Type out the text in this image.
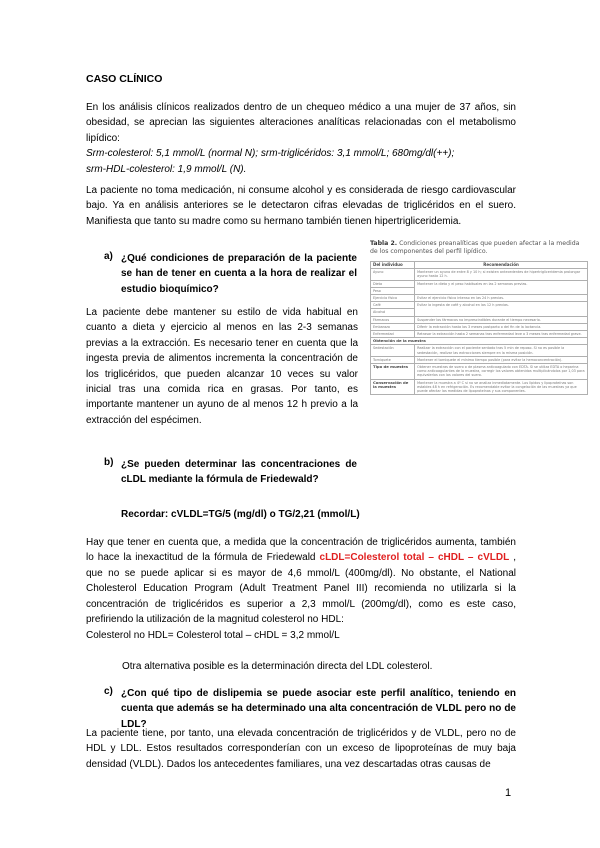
CASO CLÍNICO

En los análisis clínicos realizados dentro de un chequeo médico a una mujer de 37 años, sin obesidad, se aprecian las siguientes alteraciones analíticas relacionadas con el metabolismo lipídico:
Srm-colesterol: 5,1 mmol/L (normal N); srm-triglicéridos: 3,1 mmol/L; 680mg/dl(++);
srm-HDL-colesterol: 1,9 mmol/L (N).

La paciente no toma medicación, ni consume alcohol y es considerada de riesgo cardiovascular bajo. Ya en análisis anteriores se le detectaron cifras elevadas de triglicéridos en el suero. Manifiesta que tanto su madre como su hermano también tienen hipertrigliceridemia.

a) ¿Qué condiciones de preparación de la paciente se han de tener en cuenta a la hora de realizar el estudio bioquímico?

La paciente debe mantener su estilo de vida habitual en cuanto a dieta y ejercicio al menos en las 2-3 semanas previas a la extracción. Es necesario tener en cuenta que la ingesta previa de alimentos incrementa la concentración de los triglicéridos, que pueden alcanzar 10 veces su valor inicial tras una comida rica en grasas. Por tanto, es importante mantener un ayuno de al menos 12 h previo a la extracción del espécimen.

Tabla 2. Condiciones preanalíticas que pueden afectar a la medida de los componentes del perfil lipídico.

Del individuo	Recomendación
Ayuno	Mantener un ayuno de entre 8 y 10 h; si existen antecedentes de hipertrigliceridemia prolongar ayuno hasta 12 h.
Dieta	Mantener la dieta y el peso habituales en las 2 semanas previas.
Peso	
Ejercicio físico	Evitar el ejercicio físico intenso en las 24 h previas.
Café	Evitar la ingesta de café y alcohol en las 12 h previas.
Alcohol	
Fármacos	Suspender los fármacos no imprescindibles durante el tiempo necesario.
Embarazo	Diferir la extracción hasta los 3 meses postparto o del fin de la lactancia.
Enfermedad	Retrasar la extracción hasta 2 semanas tras enfermedad leve o 3 meses tras enfermedad grave.
Obtención de la muestra	
Sedestación	Realizar la extracción con el paciente sentado tras 5 min de reposo. Si no es posible la sedestación, realizar las extracciones siempre en la misma posición.
Torniquete	Mantener el torniquete el mínimo tiempo posible (para evitar la hemoconcentración).
Tipo de muestra	Obtener muestras de suero o de plasma anticoagulado con EDTA. Si se utiliza EDTA o heparina como anticoagulantes de la muestra, corregir los valores obtenidos multiplicándolos por 1,03 para equivalerlos con los valores del suero.
Conservación de la muestra	Mantener la muestra a 4º C si no se analiza inmediatamente. Los lípidos y lipoproteínas son estables 48 h en refrigeración. Es recomendable evitar la congelación de las muestras ya que puede afectar las medidas de lipoproteínas y sus componentes.
b) ¿Se pueden determinar las concentraciones de cLDL mediante la fórmula de Friedewald?
Recordar: cVLDL=TG/5 (mg/dl) o TG/2,21 (mmol/L)

Hay que tener en cuenta que, a medida que la concentración de triglicéridos aumenta, también lo hace la inexactitud de la fórmula de Friedewald cLDL=Colesterol total – cHDL – cVLDL , que no se puede aplicar si es mayor de 4,6 mmol/L (400mg/dl). No obstante, el National Cholesterol Education Program (Adult Treatment Panel III) recomienda no utilizarla si la concentración de triglicéridos es superior a 2,3 mmol/L (200mg/dl), como es este caso, prefiriendo la utilización de la magnitud colesterol no HDL:

Colesterol no HDL= Colesterol total – cHDL = 3,2 mmol/L

Otra alternativa posible es la determinación directa del LDL colesterol.

c) ¿Con qué tipo de dislipemia se puede asociar este perfil analítico, teniendo en cuenta que además se ha determinado una alta concentración de VLDL pero no de LDL?

La paciente tiene, por tanto, una elevada concentración de triglicéridos y de VLDL, pero no de HDL y LDL. Estos resultados corresponderían con un exceso de lipoproteínas de muy baja densidad (VLDL). Dados los antecedentes familiares, una vez descartadas otras causas de

1
